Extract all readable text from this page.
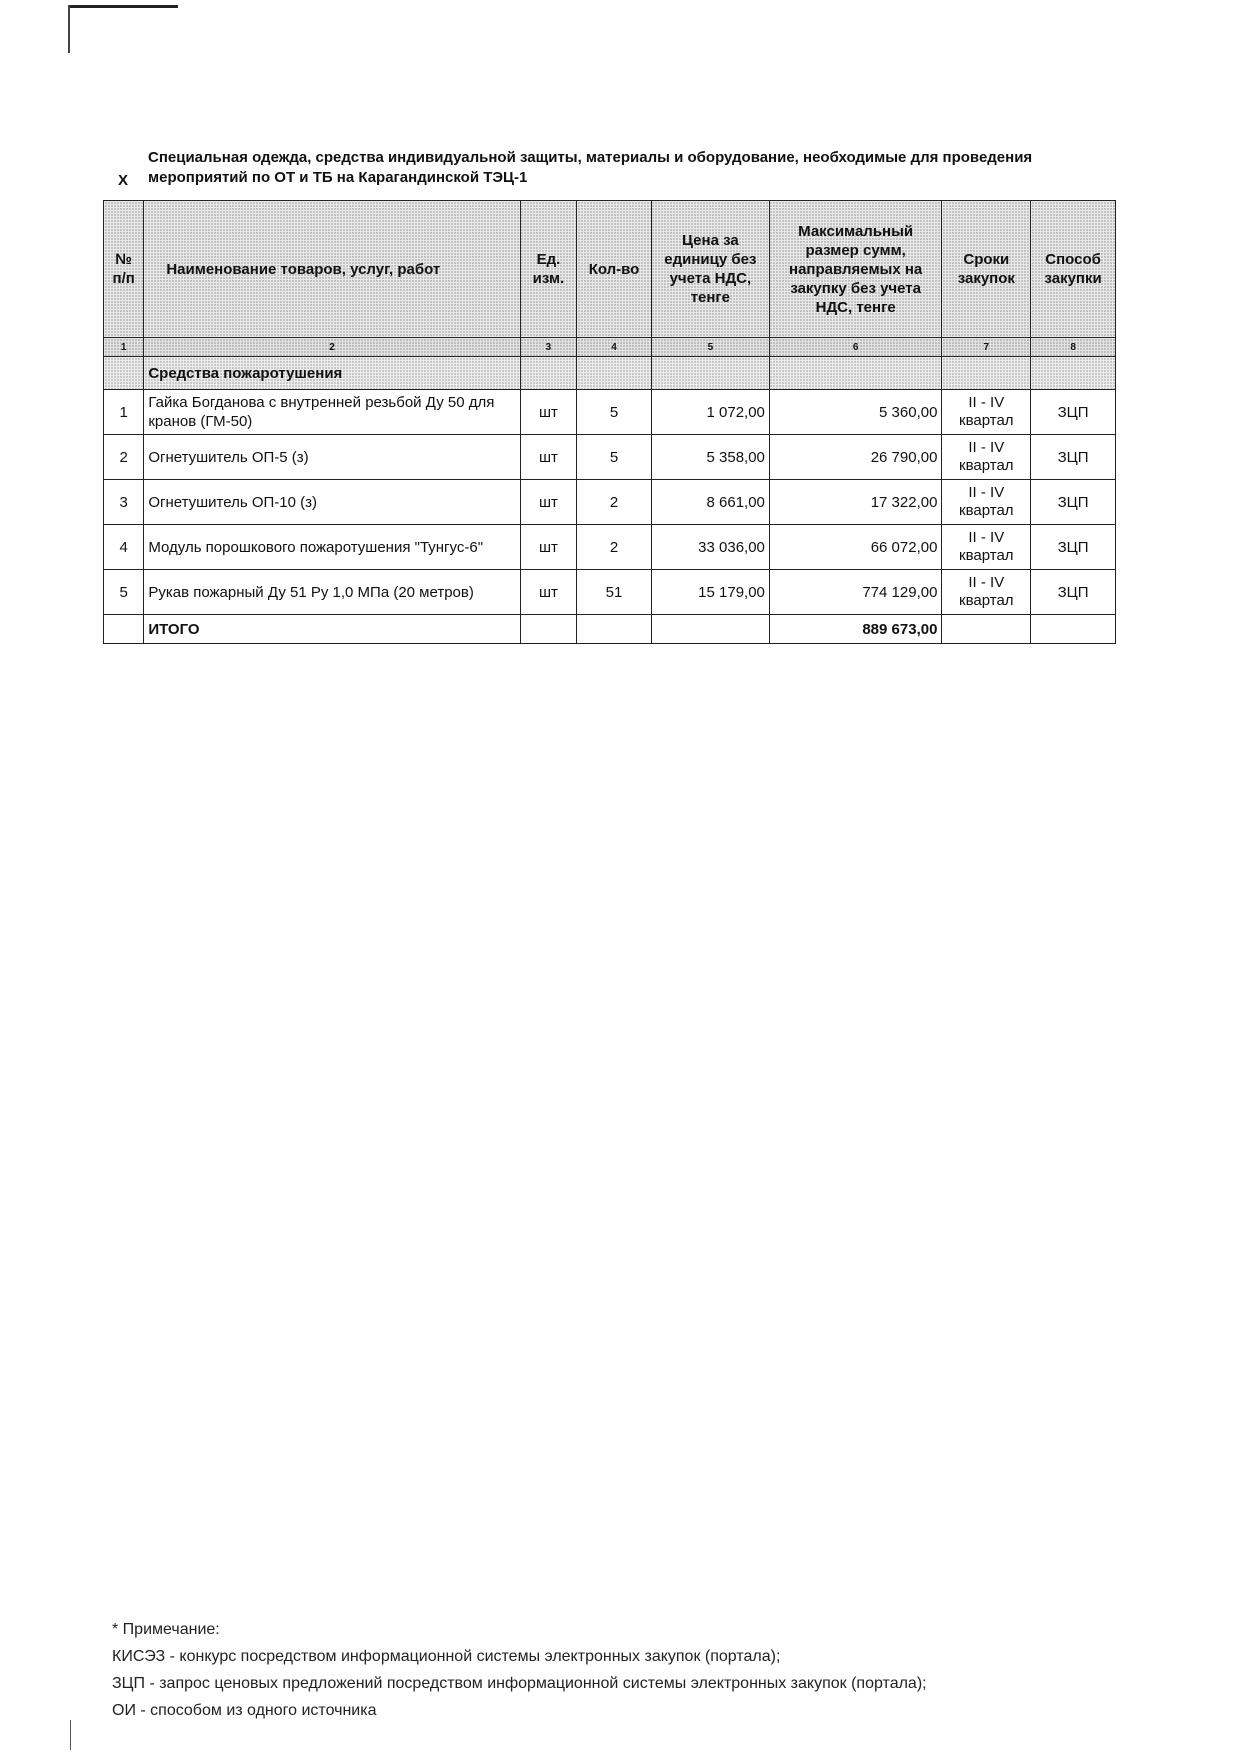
X
Специальная одежда, средства индивидуальной защиты, материалы и оборудование, необходимые для проведения мероприятий по ОТ и ТБ на Карагандинской ТЭЦ-1
№ п/п	Наименование товаров, услуг, работ	Ед. изм.	Кол-во	Цена за единицу без учета НДС, тенге	Максимальный размер сумм, направляемых на закупку без учета НДС, тенге	Сроки закупок	Способ закупки
1	2	3	4	5	6	7	8
	Средства пожаротушения						
1	Гайка Богданова с внутренней резьбой Ду 50 для кранов (ГМ-50)	шт	5	1 072,00	5 360,00	II - IV квартал	ЗЦП
2	Огнетушитель ОП-5 (з)	шт	5	5 358,00	26 790,00	II - IV квартал	ЗЦП
3	Огнетушитель ОП-10 (з)	шт	2	8 661,00	17 322,00	II - IV квартал	ЗЦП
4	Модуль порошкового пожаротушения "Тунгус-6"	шт	2	33 036,00	66 072,00	II - IV квартал	ЗЦП
5	Рукав пожарный Ду 51 Ру 1,0 МПа (20 метров)	шт	51	15 179,00	774 129,00	II - IV квартал	ЗЦП
	ИТОГО				889 673,00		
* Примечание:
КИСЭЗ - конкурс посредством информационной системы электронных закупок (портала);
ЗЦП - запрос ценовых предложений посредством информационной системы электронных закупок (портала);
ОИ - способом из одного источника
